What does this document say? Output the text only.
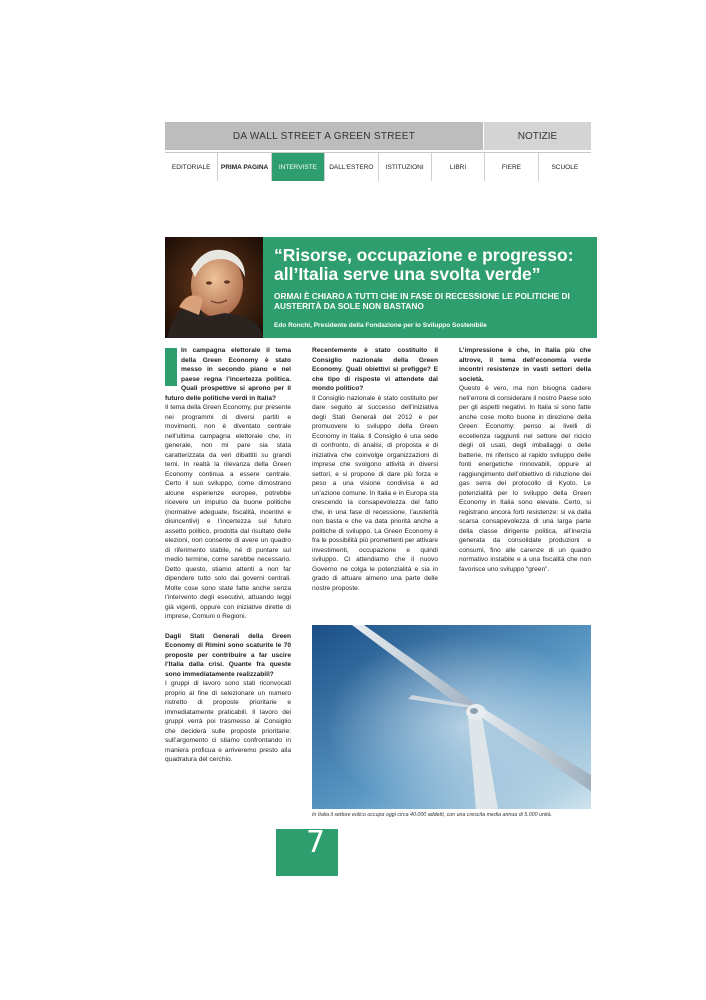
DA WALL STREET A GREEN STREET	NOTIZIE
EDITORIALE	PRIMA PAGINA	INTERVISTE	DALL'ESTERO	ISTITUZIONI	LIBRI	FIERE	SCUOLE
“Risorse, occupazione e progresso: all’Italia serve una svolta verde”
ORMAI È CHIARO A TUTTI CHE IN FASE DI RECESSIONE LE POLITICHE DI AUSTERITÀ DA SOLE NON BASTANO
Edo Ronchi, Presidente della Fondazione per lo Sviluppo Sostenibile
In campagna elettorale il tema della Green Economy è stato messo in secondo piano e nel paese regna l’incertezza politica. Quali prospettive si aprono per il futuro delle politiche verdi in Italia?
Il tema della Green Economy, pur presente nei programmi di diversi partiti e movimenti, non è diventato centrale nell’ultima campagna elettorale che, in generale, non mi pare sia stata caratterizzata da veri dibattiti su grandi temi. In realtà la rilevanza della Green Economy continua a essere centrale. Certo il suo sviluppo, come dimostrano alcune esperienze europee, potrebbe ricevere un impulso da buone politiche (normative adeguate, fiscalità, incentivi e disincentivi) e l’incertezza sul futuro assetto politico, prodotta dal risultato delle elezioni, non consente di avere un quadro di riferimento stabile, né di puntare sul medio termine, come sarebbe necessario. Detto questo, stiamo attenti a non far dipendere tutto solo dai governi centrali. Molte cose sono state fatte anche senza l’intervento degli esecutivi, attuando leggi già vigenti, oppure con iniziative dirette di imprese, Comuni o Regioni.
Dagli Stati Generali della Green Economy di Rimini sono scaturite le 70 proposte per contribuire a far uscire l’Italia dalla crisi. Quante fra queste sono immediatamente realizzabili?
I gruppi di lavoro sono stati riconvocati proprio al fine di selezionare un numero ristretto di proposte prioritarie e immediatamente praticabili. Il lavoro dei gruppi verrà poi trasmesso al Consiglio che deciderà sulle proposte prioritarie: sull’argomento ci stiamo confrontando in maniera proficua e arriveremo presto alla quadratura del cerchio.
Recentemente è stato costituito il Consiglio nazionale della Green Economy. Quali obiettivi si prefigge? E che tipo di risposte vi attendete dal mondo politico?
Il Consiglio nazionale è stato costituito per dare seguito al successo dell’iniziativa degli Stati Generali del 2012 e per promuovere lo sviluppo della Green Economy in Italia. Il Consiglio è una sede di confronto, di analisi, di proposta e di iniziativa che coinvolge organizzazioni di imprese che svolgono attività in diversi settori, e si propone di dare più forza e peso a una visione condivisa e ad un’azione comune. In Italia e in Europa sta crescendo la consapevolezza del fatto che, in una fase di recessione, l’austerità non basta e che va data priorità anche a politiche di sviluppo. La Green Economy è fra le possibilità più promettenti per attivare investimenti, occupazione e quindi sviluppo. Ci attendiamo che il nuovo Governo ne colga le potenzialità e sia in grado di attuare almeno una parte delle nostre proposte.
L’impressione è che, in Italia più che altrove, il tema dell’economia verde incontri resistenze in vasti settori della società.
Questo è vero, ma non bisogna cadere nell’errore di considerare il nostro Paese solo per gli aspetti negativi. In Italia si sono fatte anche cose molto buone in direzione della Green Economy: penso ai livelli di eccellenza raggiunti nel settore del riciclo degli oli usati, degli imballaggi o delle batterie, mi riferisco al rapido sviluppo delle fonti energetiche rinnovabili, oppure al raggiungimento dell’obiettivo di riduzione dei gas serra del protocollo di Kyoto. Le potenzialità per lo sviluppo della Green Economy in Italia sono elevate. Certo, si registrano ancora forti resistenze: si va dalla scarsa consapevolezza di una larga parte della classe dirigente politica, all’inerzia generata da consolidate produzioni e consumi, fino alle carenze di un quadro normativo instabile e a una fiscalità che non favorisce uno sviluppo “green”.
In Italia il settore eolico occupa oggi circa 40.000 addetti, con una crescita media annua di 5.000 unità.
7
